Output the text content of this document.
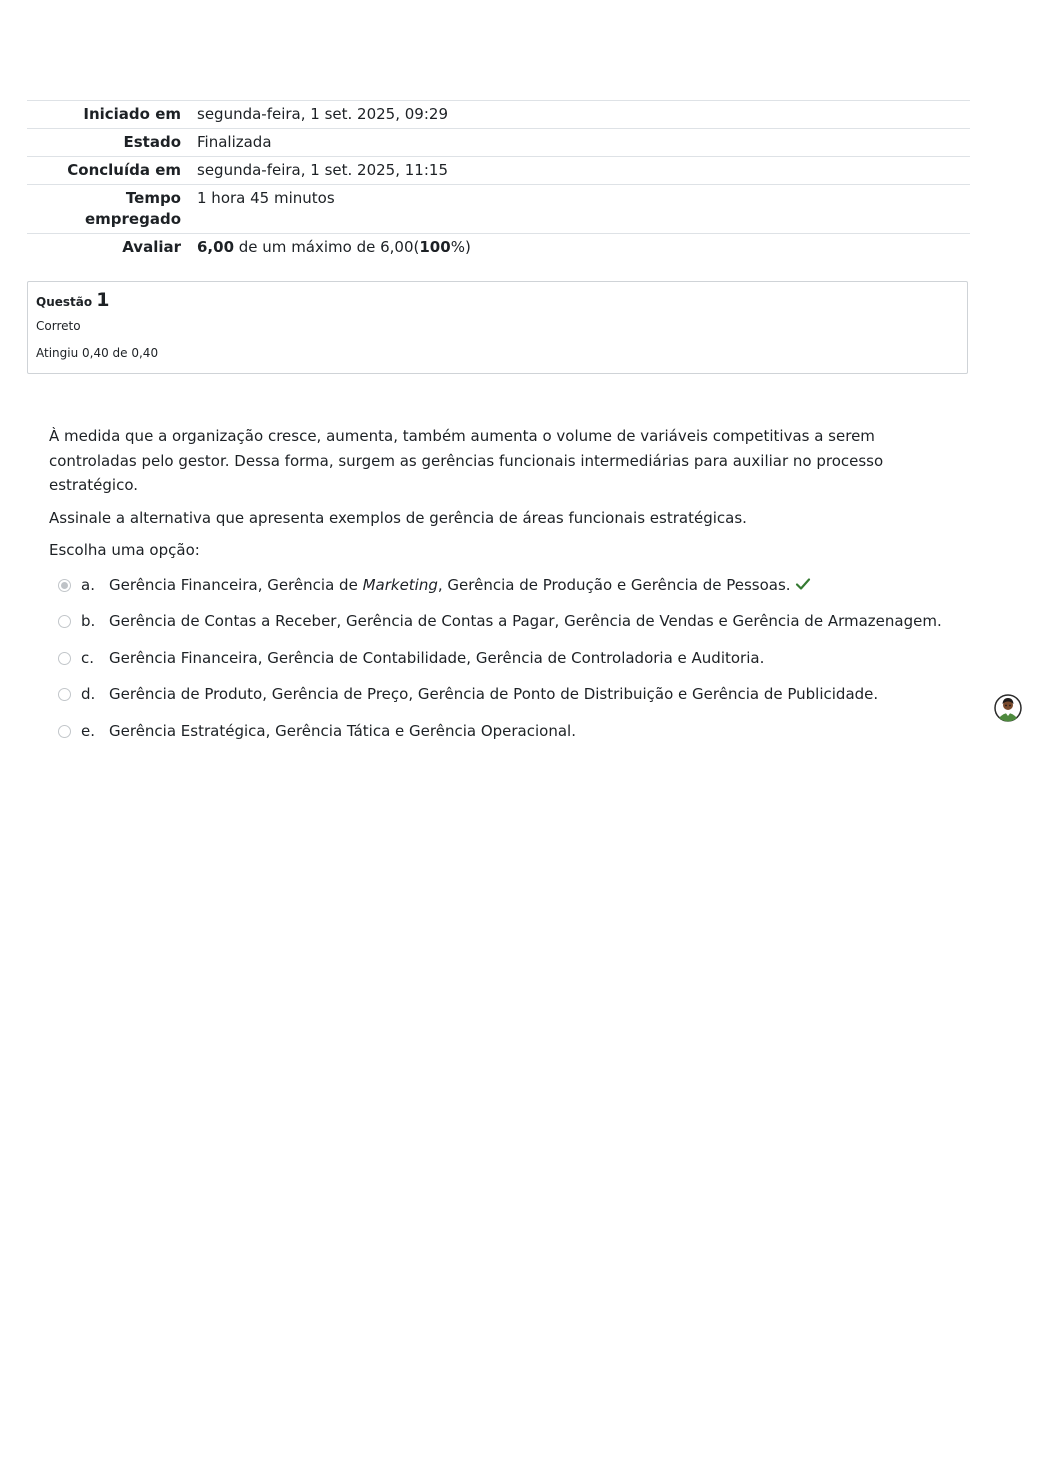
Iniciado em	segunda-feira, 1 set. 2025, 09:29
Estado	Finalizada
Concluída em	segunda-feira, 1 set. 2025, 11:15
Tempo empregado	1 hora 45 minutos
Avaliar	6,00 de um máximo de 6,00(100%)
Questão 1
Correto
Atingiu 0,40 de 0,40

À medida que a organização cresce, aumenta, também aumenta o volume de variáveis competitivas a serem controladas pelo gestor. Dessa forma, surgem as gerências funcionais intermediárias para auxiliar no processo estratégico.

Assinale a alternativa que apresenta exemplos de gerência de áreas funcionais estratégicas.

Escolha uma opção:

a. Gerência Financeira, Gerência de Marketing, Gerência de Produção e Gerência de Pessoas.
b. Gerência de Contas a Receber, Gerência de Contas a Pagar, Gerência de Vendas e Gerência de Armazenagem.
c. Gerência Financeira, Gerência de Contabilidade, Gerência de Controladoria e Auditoria.
d. Gerência de Produto, Gerência de Preço, Gerência de Ponto de Distribuição e Gerência de Publicidade.
e. Gerência Estratégica, Gerência Tática e Gerência Operacional.
